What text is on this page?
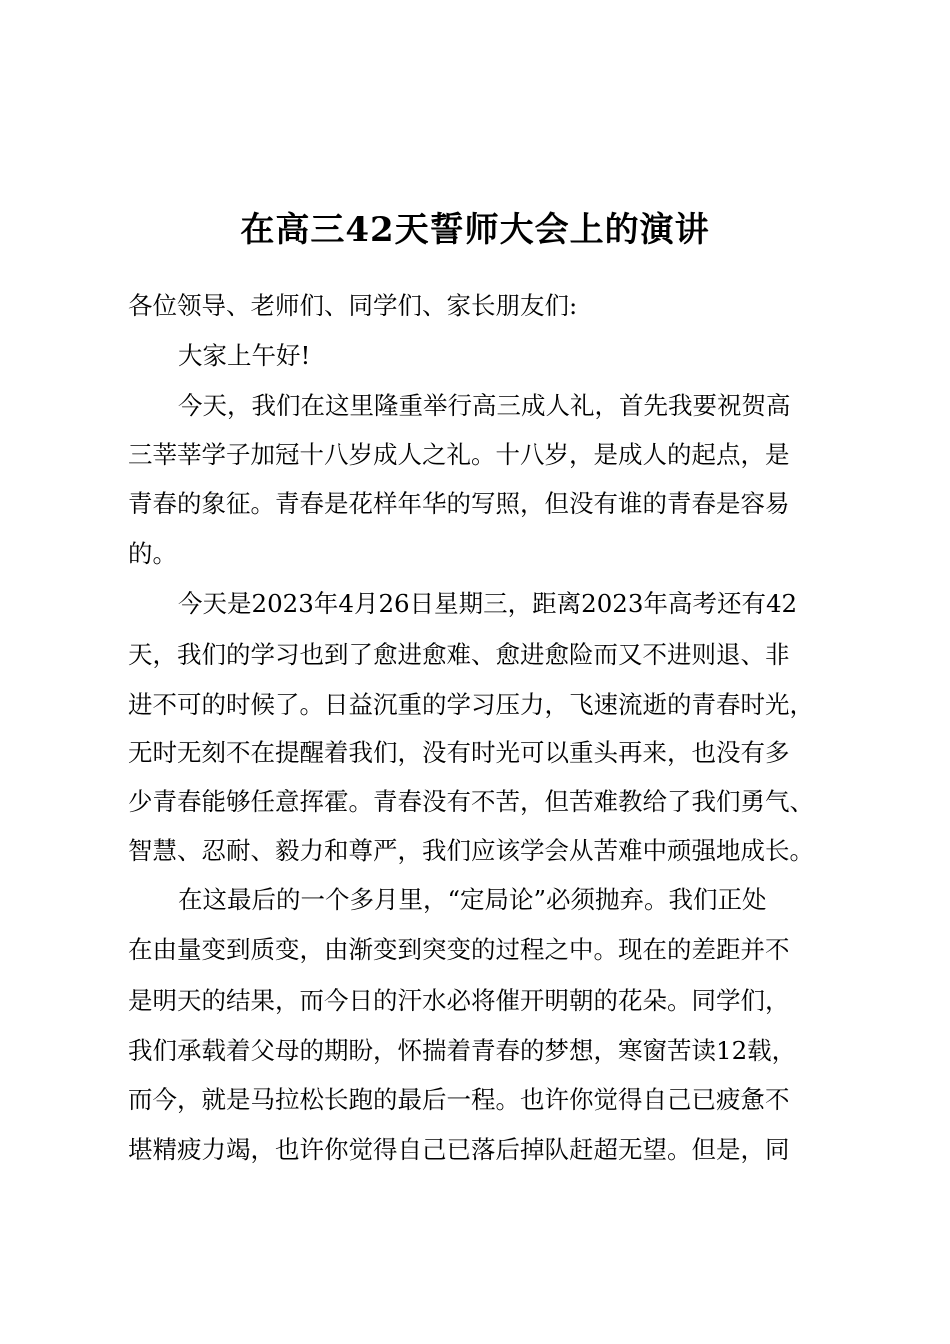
在高三42天誓师大会上的演讲
各位领导、老师们、同学们、家长朋友们:
大家上午好!
今天，我们在这里隆重举行高三成人礼，首先我要祝贺高
三莘莘学子加冠十八岁成人之礼。十八岁，是成人的起点，是
青春的象征。青春是花样年华的写照，但没有谁的青春是容易
的。
今天是2023年4月26日星期三，距离2023年高考还有42
天，我们的学习也到了愈进愈难、愈进愈险而又不进则退、非
进不可的时候了。日益沉重的学习压力，飞速流逝的青春时光，
无时无刻不在提醒着我们，没有时光可以重头再来，也没有多
少青春能够任意挥霍。青春没有不苦，但苦难教给了我们勇气、
智慧、忍耐、毅力和尊严，我们应该学会从苦难中顽强地成长。
在这最后的一个多月里，“定局论”必须抛弃。我们正处
在由量变到质变，由渐变到突变的过程之中。现在的差距并不
是明天的结果，而今日的汗水必将催开明朝的花朵。同学们，
我们承载着父母的期盼，怀揣着青春的梦想，寒窗苦读12载，
而今，就是马拉松长跑的最后一程。也许你觉得自己已疲惫不
堪精疲力竭，也许你觉得自己已落后掉队赶超无望。但是，同
